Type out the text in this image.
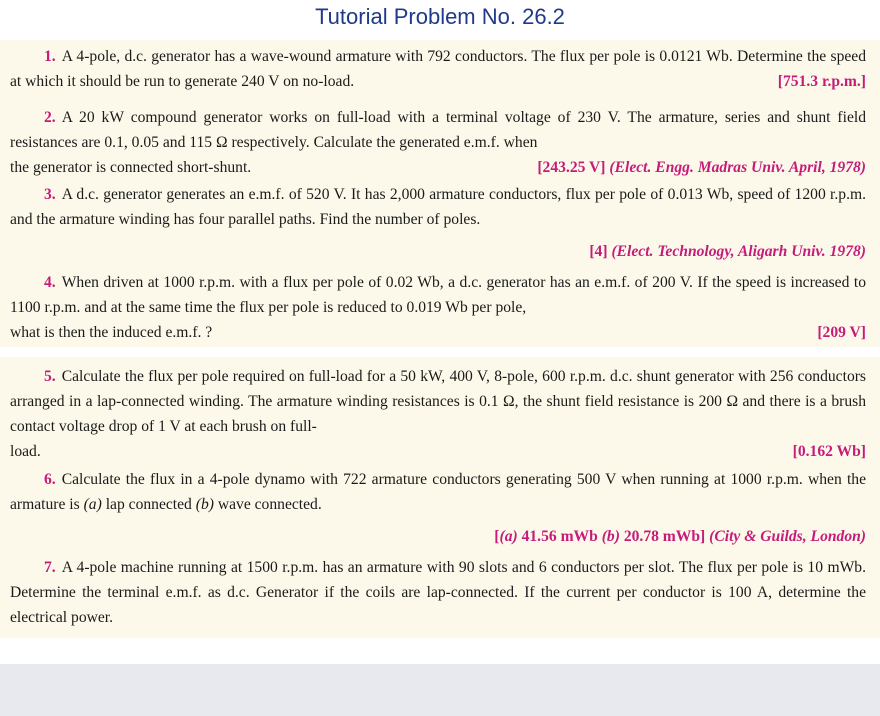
Tutorial Problem No. 26.2
1. A 4-pole, d.c. generator has a wave-wound armature with 792 conductors. The flux per pole is 0.0121 Wb. Determine the speed at which it should be run to generate 240 V on no-load.	[751.3 r.p.m.]
2. A 20 kW compound generator works on full-load with a terminal voltage of 230 V. The armature, series and shunt field resistances are 0.1, 0.05 and 115 Ω respectively. Calculate the generated e.m.f. when
the generator is connected short-shunt.	[243.25 V] (Elect. Engg. Madras Univ. April, 1978)
3. A d.c. generator generates an e.m.f. of 520 V. It has 2,000 armature conductors, flux per pole of 0.013 Wb, speed of 1200 r.p.m. and the armature winding has four parallel paths. Find the number of poles.
[4] (Elect. Technology, Aligarh Univ. 1978)
4. When driven at 1000 r.p.m. with a flux per pole of 0.02 Wb, a d.c. generator has an e.m.f. of 200 V. If the speed is increased to 1100 r.p.m. and at the same time the flux per pole is reduced to 0.019 Wb per pole,
what is then the induced e.m.f. ?	[209 V]
5. Calculate the flux per pole required on full-load for a 50 kW, 400 V, 8-pole, 600 r.p.m. d.c. shunt generator with 256 conductors arranged in a lap-connected winding. The armature winding resistances is 0.1 Ω, the shunt field resistance is 200 Ω and there is a brush contact voltage drop of 1 V at each brush on full-
load.	[0.162 Wb]
6. Calculate the flux in a 4-pole dynamo with 722 armature conductors generating 500 V when running at 1000 r.p.m. when the armature is (a) lap connected (b) wave connected.
[(a) 41.56 mWb (b) 20.78 mWb] (City & Guilds, London)
7. A 4-pole machine running at 1500 r.p.m. has an armature with 90 slots and 6 conductors per slot. The flux per pole is 10 mWb. Determine the terminal e.m.f. as d.c. Generator if the coils are lap-connected. If the current per conductor is 100 A, determine the electrical power.
